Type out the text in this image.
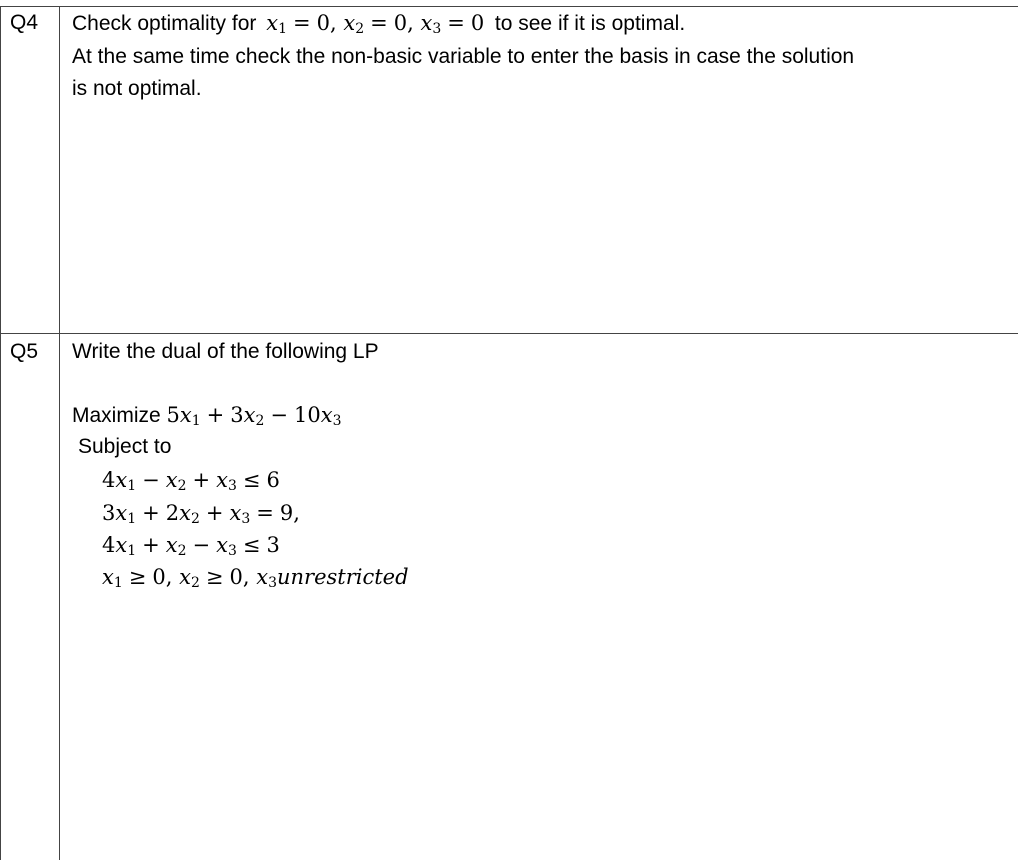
Q4 Check optimality for $x_1 = 0$, $x_2 = 0$, $x_3 = 0$ to see if it is optimal.
At the same time check the non-basic variable to enter the basis in case the solution
is not optimal.
Q5 Write the dual of the following LP
Maximize $5x_1 + 3x_2 - 10x_3$
Subject to
$4x_1 - x_2 + x_3 \le 6$
$3x_1 + 2x_2 + x_3 = 9$,
$4x_1 + x_2 - x_3 \le 3$
$x_1 \ge 0$, $x_2 \ge 0$, $x_3unrestricted$
